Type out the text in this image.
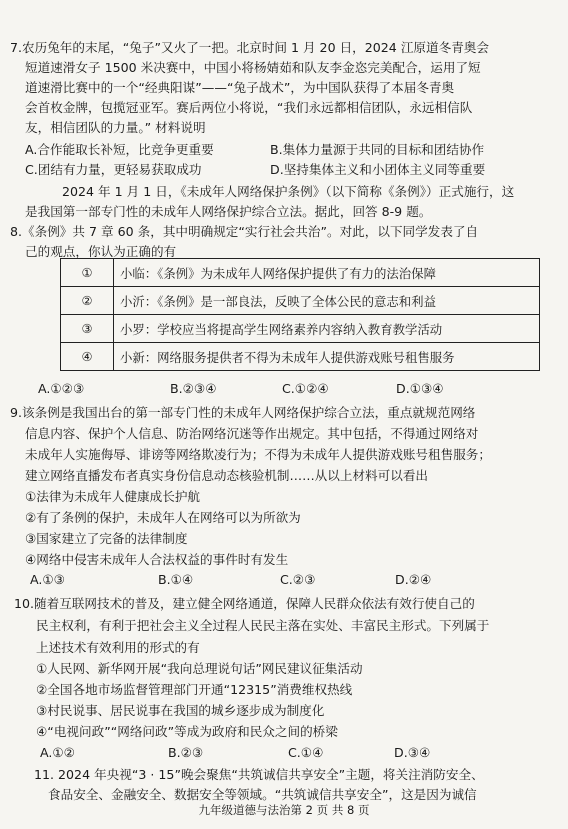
7.农历兔年的末尾，“兔子”又火了一把。北京时间 1 月 20 日，2024 江原道冬青奥会
短道速滑女子 1500 米决赛中，中国小将杨婧茹和队友李金恣完美配合，运用了短
道速滑比赛中的一个“经典阳谋”——“兔子战术”，为中国队获得了本届冬青奥
会首枚金牌，包揽冠亚军。赛后两位小将说，“我们永远都相信团队，永远相信队
友，相信团队的力量。” 材料说明
A.合作能取长补短，比竞争更重要	B.集体力量源于共同的目标和团结协作
C.团结有力量，更轻易获取成功	D.坚持集体主义和小团体主义同等重要
2024 年 1 月 1 日，《未成年人网络保护条例》（以下简称《条例》）正式施行，这
是我国第一部专门性的未成年人网络保护综合立法。据此，回答 8-9 题。
8.《条例》共 7 章 60 条，其中明确规定“实行社会共治”。对此，以下同学发表了自
己的观点，你认为正确的有
①	小临：《条例》为未成年人网络保护提供了有力的法治保障
②	小沂：《条例》是一部良法，反映了全体公民的意志和利益
③	小罗：学校应当将提高学生网络素养内容纳入教育教学活动
④	小新：网络服务提供者不得为未成年人提供游戏账号租售服务
A.①②③	B.②③④	C.①②④	D.①③④
9.该条例是我国出台的第一部专门性的未成年人网络保护综合立法，重点就规范网络
信息内容、保护个人信息、防治网络沉迷等作出规定。其中包括，不得通过网络对
未成年人实施侮辱、诽谤等网络欺凌行为；不得为未成年人提供游戏账号租售服务；
建立网络直播发布者真实身份信息动态核验机制……从以上材料可以看出
①法律为未成年人健康成长护航
②有了条例的保护，未成年人在网络可以为所欲为
③国家建立了完备的法律制度
④网络中侵害未成年人合法权益的事件时有发生
A.①③	B.①④	C.②③	D.②④
10.随着互联网技术的普及，建立健全网络通道，保障人民群众依法有效行使自己的
民主权利，有利于把社会主义全过程人民民主落在实处、丰富民主形式。下列属于
上述技术有效利用的形式的有
①人民网、新华网开展“我向总理说句话”网民建议征集活动
②全国各地市场监督管理部门开通“12315”消费维权热线
③村民说事、居民说事在我国的城乡逐步成为制度化
④“电视问政”“网络问政”等成为政府和民众之间的桥梁
A.①②	B.②③	C.①④	D.③④
11. 2024 年央视“3 · 15”晚会聚焦“共筑诚信共享安全”主题，将关注消防安全、
食品安全、金融安全、数据安全等领域。“共筑诚信共享安全”，这是因为诚信
九年级道德与法治第 2 页 共 8 页
